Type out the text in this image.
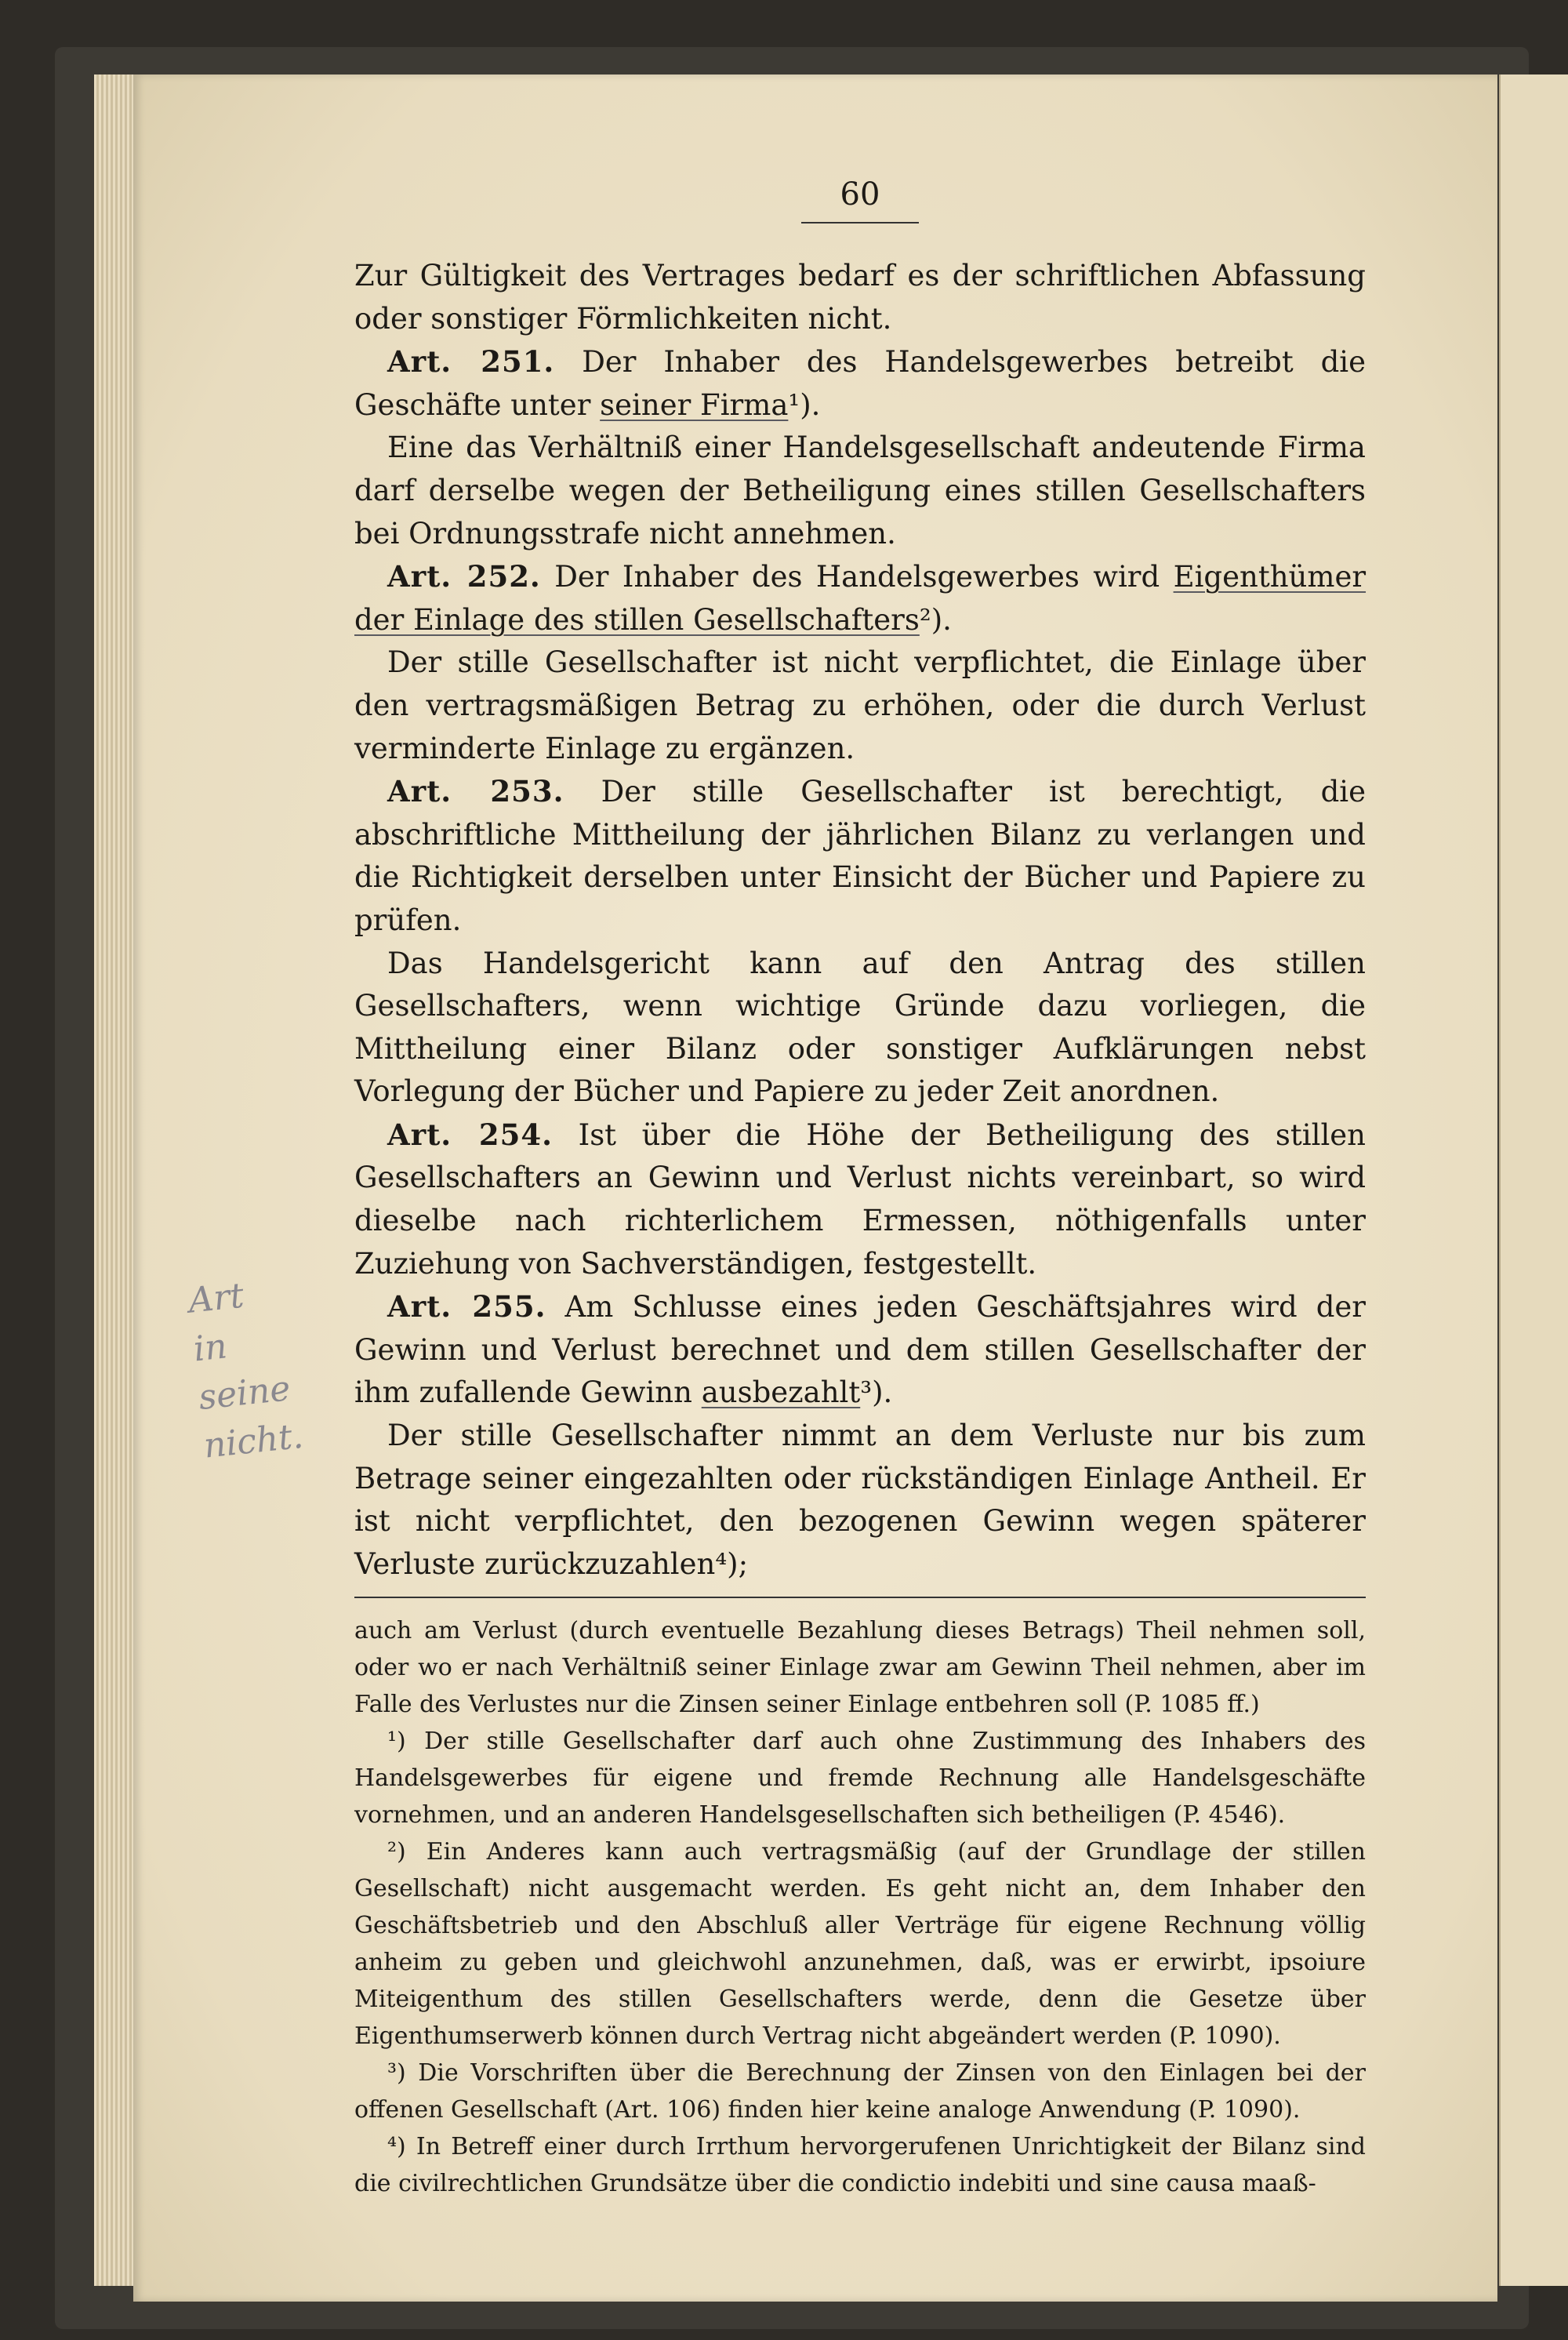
Art
in seine
nicht.
60

Zur Gültigkeit des Vertrages bedarf es der schriftlichen Abfassung oder sonstiger Förmlichkeiten nicht.

Art. 251. Der Inhaber des Handelsgewerbes betreibt die Geschäfte unter seiner Firma¹).

Eine das Verhältniß einer Handelsgesellschaft andeutende Firma darf derselbe wegen der Betheiligung eines stillen Gesellschafters bei Ordnungsstrafe nicht annehmen.

Art. 252. Der Inhaber des Handelsgewerbes wird Eigenthümer der Einlage des stillen Gesellschafters²).

Der stille Gesellschafter ist nicht verpflichtet, die Einlage über den vertragsmäßigen Betrag zu erhöhen, oder die durch Verlust verminderte Einlage zu ergänzen.

Art. 253. Der stille Gesellschafter ist berechtigt, die abschriftliche Mittheilung der jährlichen Bilanz zu verlangen und die Richtigkeit derselben unter Einsicht der Bücher und Papiere zu prüfen.

Das Handelsgericht kann auf den Antrag des stillen Gesellschafters, wenn wichtige Gründe dazu vorliegen, die Mittheilung einer Bilanz oder sonstiger Aufklärungen nebst Vorlegung der Bücher und Papiere zu jeder Zeit anordnen.

Art. 254. Ist über die Höhe der Betheiligung des stillen Gesellschafters an Gewinn und Verlust nichts vereinbart, so wird dieselbe nach richterlichem Ermessen, nöthigenfalls unter Zuziehung von Sachverständigen, festgestellt.

Art. 255. Am Schlusse eines jeden Geschäftsjahres wird der Gewinn und Verlust berechnet und dem stillen Gesellschafter der ihm zufallende Gewinn ausbezahlt³).

Der stille Gesellschafter nimmt an dem Verluste nur bis zum Betrage seiner eingezahlten oder rückständigen Einlage Antheil. Er ist nicht verpflichtet, den bezogenen Gewinn wegen späterer Verluste zurückzuzahlen⁴);

auch am Verlust (durch eventuelle Bezahlung dieses Betrags) Theil nehmen soll, oder wo er nach Verhältniß seiner Einlage zwar am Gewinn Theil nehmen, aber im Falle des Verlustes nur die Zinsen seiner Einlage entbehren soll (P. 1085 ff.)

¹) Der stille Gesellschafter darf auch ohne Zustimmung des Inhabers des Handelsgewerbes für eigene und fremde Rechnung alle Handelsgeschäfte vornehmen, und an anderen Handelsgesellschaften sich betheiligen (P. 4546).

²) Ein Anderes kann auch vertragsmäßig (auf der Grundlage der stillen Gesellschaft) nicht ausgemacht werden. Es geht nicht an, dem Inhaber den Geschäftsbetrieb und den Abschluß aller Verträge für eigene Rechnung völlig anheim zu geben und gleichwohl anzunehmen, daß, was er erwirbt, ipsoiure Miteigenthum des stillen Gesellschafters werde, denn die Gesetze über Eigenthumserwerb können durch Vertrag nicht abgeändert werden (P. 1090).

³) Die Vorschriften über die Berechnung der Zinsen von den Einlagen bei der offenen Gesellschaft (Art. 106) finden hier keine analoge Anwendung (P. 1090).

⁴) In Betreff einer durch Irrthum hervorgerufenen Unrichtigkeit der Bilanz sind die civilrechtlichen Grundsätze über die condictio indebiti und sine causa maaß-
